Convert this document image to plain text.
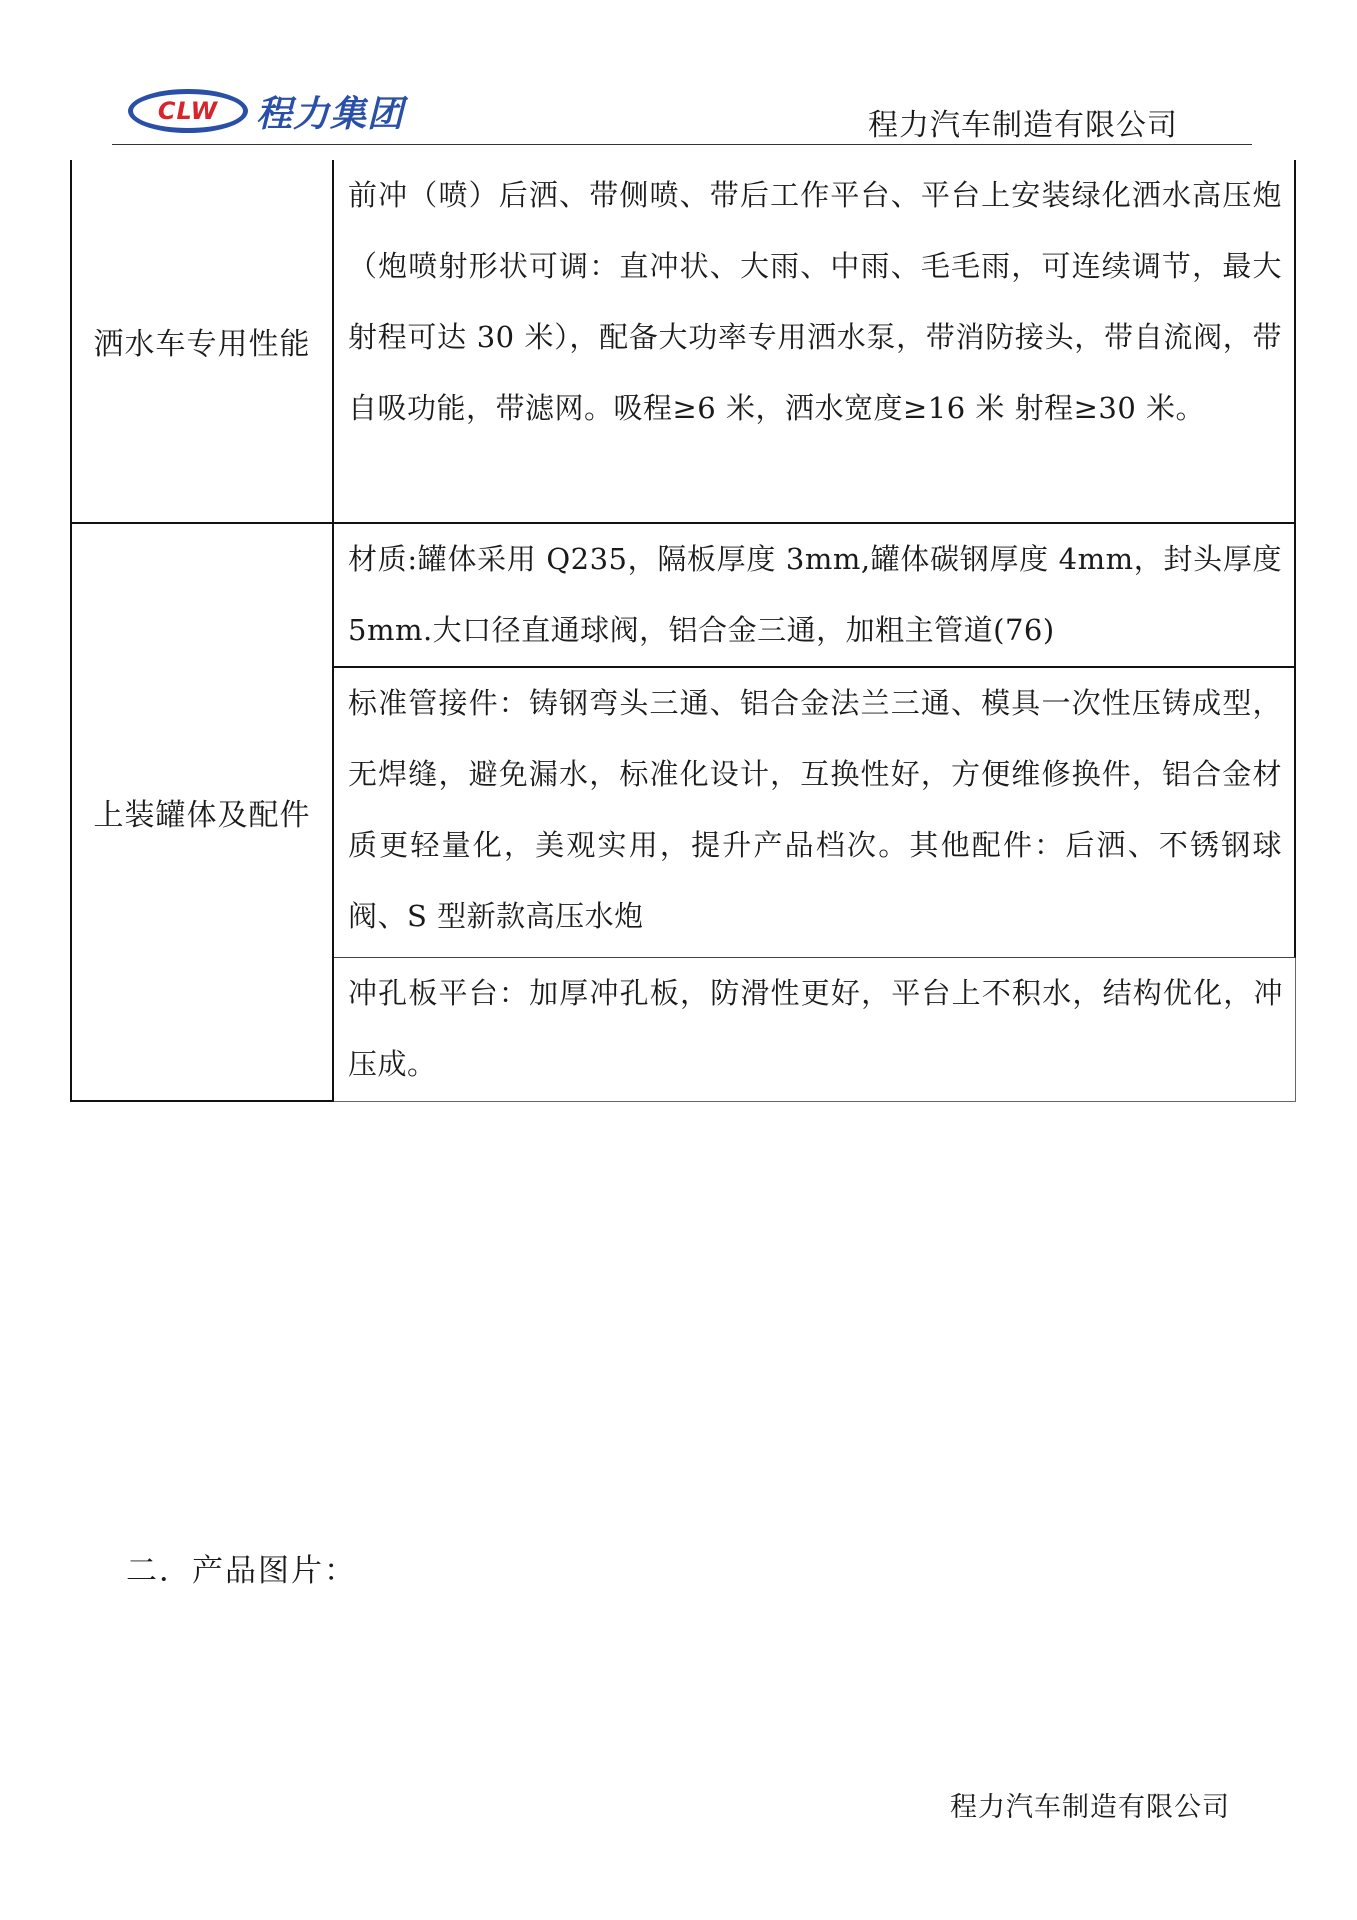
CLW 程力集团	程力汽车制造有限公司
洒水车专用性能
前冲（喷）后洒、带侧喷、带后工作平台、平台上安装绿化洒水高压炮（炮喷射形状可调：直冲状、大雨、中雨、毛毛雨，可连续调节，最大射程可达 30 米），配备大功率专用洒水泵，带消防接头，带自流阀，带自吸功能，带滤网。吸程≥6 米，洒水宽度≥16 米 射程≥30 米。
上装罐体及配件
材质:罐体采用 Q235，隔板厚度 3mm,罐体碳钢厚度 4mm，封头厚度 5mm.大口径直通球阀，铝合金三通，加粗主管道(76)
标准管接件：铸钢弯头三通、铝合金法兰三通、模具一次性压铸成型，无焊缝，避免漏水，标准化设计，互换性好，方便维修换件，铝合金材质更轻量化，美观实用，提升产品档次。其他配件：后洒、不锈钢球阀、S 型新款高压水炮
冲孔板平台：加厚冲孔板，防滑性更好，平台上不积水，结构优化，冲压成。
二．产品图片：
程力汽车制造有限公司
